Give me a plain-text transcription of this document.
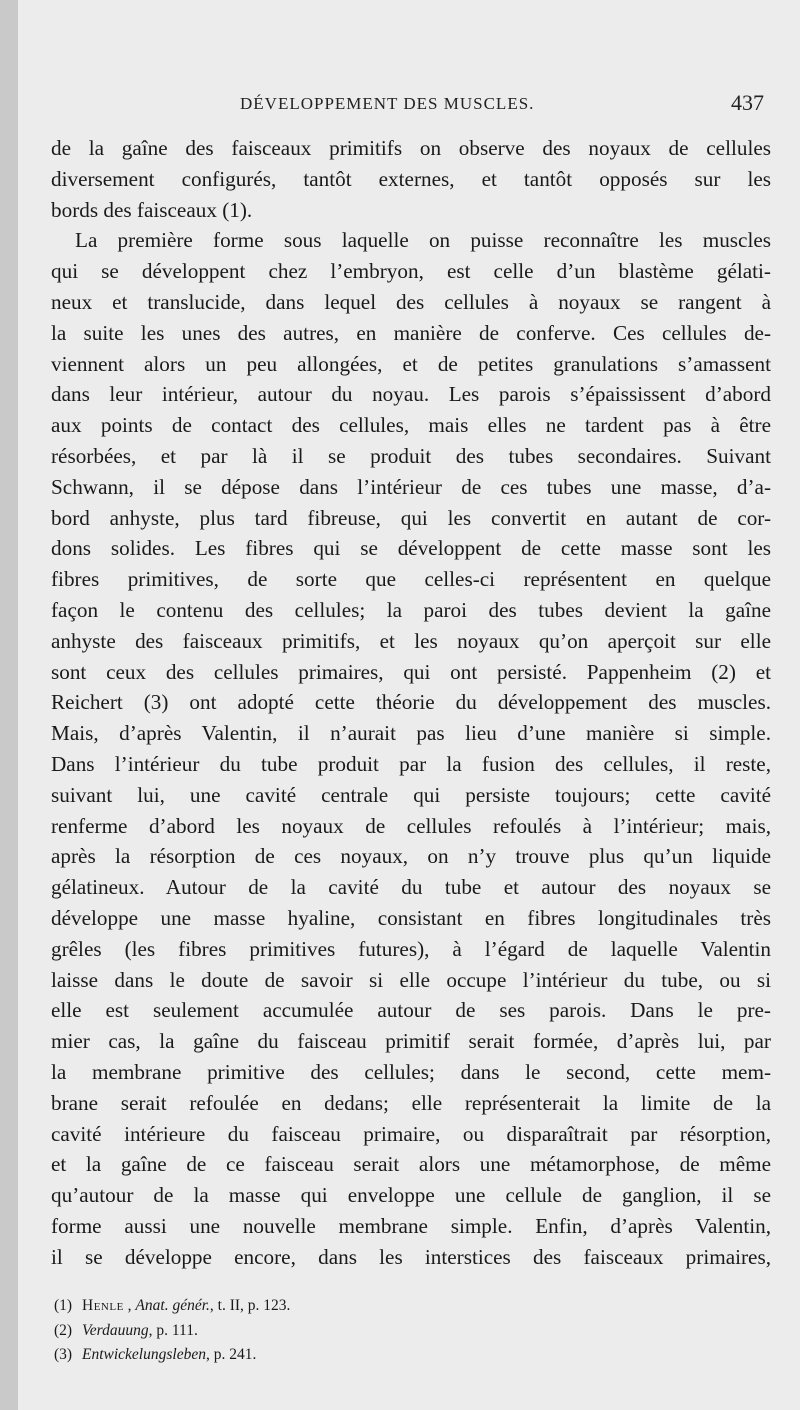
DÉVELOPPEMENT DES MUSCLES.	437
de la gaîne des faisceaux primitifs on observe des noyaux de cellules
diversement configurés, tantôt externes, et tantôt opposés sur les
bords des faisceaux (1).
La première forme sous laquelle on puisse reconnaître les muscles
qui se développent chez l’embryon, est celle d’un blastème gélati-
neux et translucide, dans lequel des cellules à noyaux se rangent à
la suite les unes des autres, en manière de conferve. Ces cellules de-
viennent alors un peu allongées, et de petites granulations s’amassent
dans leur intérieur, autour du noyau. Les parois s’épaississent d’abord
aux points de contact des cellules, mais elles ne tardent pas à être
résorbées, et par là il se produit des tubes secondaires. Suivant
Schwann, il se dépose dans l’intérieur de ces tubes une masse, d’a-
bord anhyste, plus tard fibreuse, qui les convertit en autant de cor-
dons solides. Les fibres qui se développent de cette masse sont les
fibres primitives, de sorte que celles-ci représentent en quelque
façon le contenu des cellules; la paroi des tubes devient la gaîne
anhyste des faisceaux primitifs, et les noyaux qu’on aperçoit sur elle
sont ceux des cellules primaires, qui ont persisté. Pappenheim (2) et
Reichert (3) ont adopté cette théorie du développement des muscles.
Mais, d’après Valentin, il n’aurait pas lieu d’une manière si simple.
Dans l’intérieur du tube produit par la fusion des cellules, il reste,
suivant lui, une cavité centrale qui persiste toujours; cette cavité
renferme d’abord les noyaux de cellules refoulés à l’intérieur; mais,
après la résorption de ces noyaux, on n’y trouve plus qu’un liquide
gélatineux. Autour de la cavité du tube et autour des noyaux se
développe une masse hyaline, consistant en fibres longitudinales très
grêles (les fibres primitives futures), à l’égard de laquelle Valentin
laisse dans le doute de savoir si elle occupe l’intérieur du tube, ou si
elle est seulement accumulée autour de ses parois. Dans le pre-
mier cas, la gaîne du faisceau primitif serait formée, d’après lui, par
la membrane primitive des cellules; dans le second, cette mem-
brane serait refoulée en dedans; elle représenterait la limite de la
cavité intérieure du faisceau primaire, ou disparaîtrait par résorption,
et la gaîne de ce faisceau serait alors une métamorphose, de même
qu’autour de la masse qui enveloppe une cellule de ganglion, il se
forme aussi une nouvelle membrane simple. Enfin, d’après Valentin,
il se développe encore, dans les interstices des faisceaux primaires,
(1) Henle , Anat. génér., t. II, p. 123.
(2) Verdauung, p. 111.
(3) Entwickelungsleben, p. 241.
